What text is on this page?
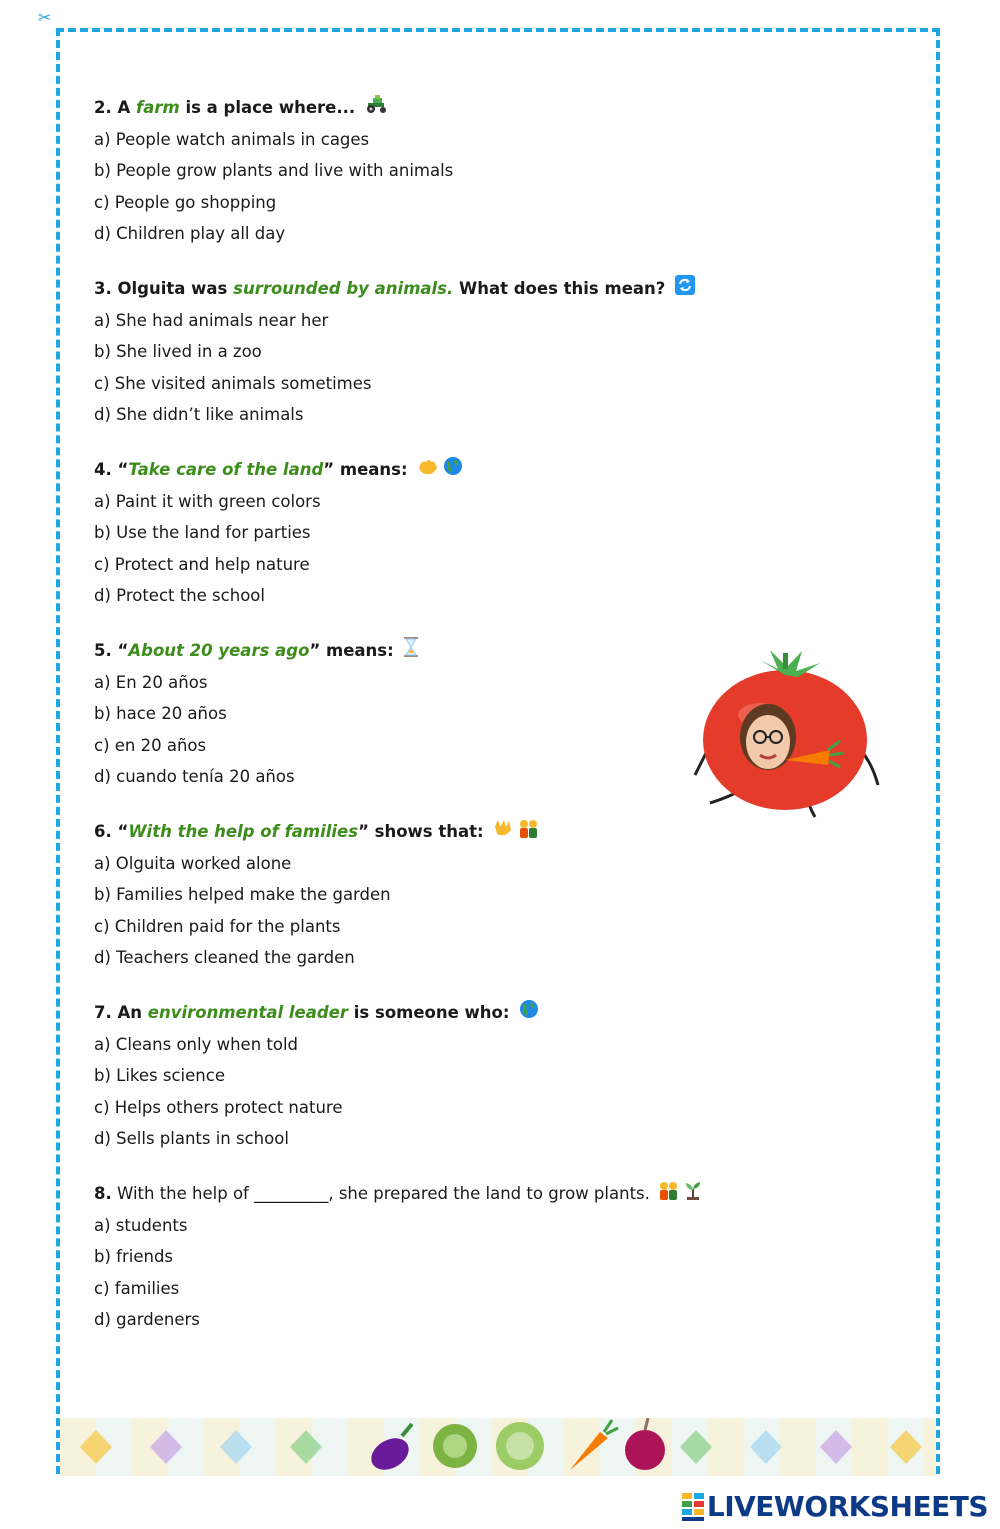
✂
2. A farm is a place where...
a) People watch animals in cages
b) People grow plants and live with animals
c) People go shopping
d) Children play all day
3. Olguita was surrounded by animals. What does this mean?
a) She had animals near her
b) She lived in a zoo
c) She visited animals sometimes
d) She didn’t like animals
4. “Take care of the land” means:
a) Paint it with green colors
b) Use the land for parties
c) Protect and help nature
d) Protect the school
5. “About 20 years ago” means:
a) En 20 años
b) hace 20 años
c) en 20 años
d) cuando tenía 20 años
6. “With the help of families” shows that:
a) Olguita worked alone
b) Families helped make the garden
c) Children paid for the plants
d) Teachers cleaned the garden
7. An environmental leader is someone who:
a) Cleans only when told
b) Likes science
c) Helps others protect nature
d) Sells plants in school
8. With the help of _________, she prepared the land to grow plants.
a) students
b) friends
c) families
d) gardeners
LIVEWORKSHEETS
